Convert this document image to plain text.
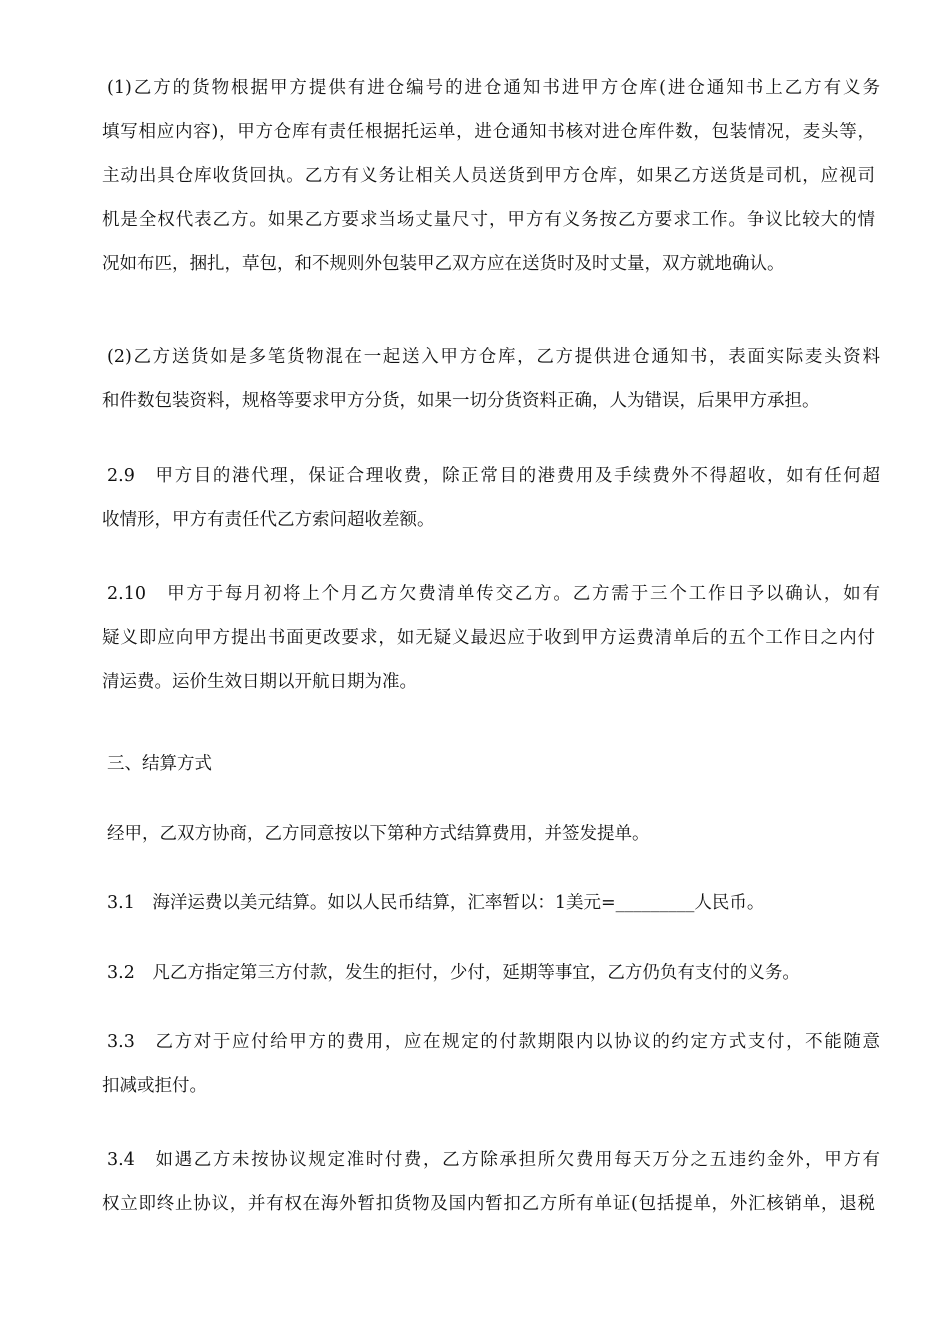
(1)乙方的货物根据甲方提供有进仓编号的进仓通知书进甲方仓库(进仓通知书上乙方有义务
填写相应内容)，甲方仓库有责任根据托运单，进仓通知书核对进仓库件数，包装情况，麦头等，
主动出具仓库收货回执。乙方有义务让相关人员送货到甲方仓库，如果乙方送货是司机，应视司
机是全权代表乙方。如果乙方要求当场丈量尺寸，甲方有义务按乙方要求工作。争议比较大的情
况如布匹，捆扎，草包，和不规则外包装甲乙双方应在送货时及时丈量，双方就地确认。
(2)乙方送货如是多笔货物混在一起送入甲方仓库，乙方提供进仓通知书，表面实际麦头资料
和件数包装资料，规格等要求甲方分货，如果一切分货资料正确，人为错误，后果甲方承担。
2.9　甲方目的港代理，保证合理收费，除正常目的港费用及手续费外不得超收，如有任何超
收情形，甲方有责任代乙方索问超收差额。
2.10　甲方于每月初将上个月乙方欠费清单传交乙方。乙方需于三个工作日予以确认，如有
疑义即应向甲方提出书面更改要求，如无疑义最迟应于收到甲方运费清单后的五个工作日之内付
清运费。运价生效日期以开航日期为准。
三、结算方式
经甲，乙双方协商，乙方同意按以下第种方式结算费用，并签发提单。
3.1　海洋运费以美元结算。如以人民币结算，汇率暂以：1美元=_________人民币。
3.2　凡乙方指定第三方付款，发生的拒付，少付，延期等事宜，乙方仍负有支付的义务。
3.3　乙方对于应付给甲方的费用，应在规定的付款期限内以协议的约定方式支付，不能随意
扣减或拒付。
3.4　如遇乙方未按协议规定准时付费，乙方除承担所欠费用每天万分之五违约金外，甲方有
权立即终止协议，并有权在海外暂扣货物及国内暂扣乙方所有单证(包括提单，外汇核销单，退税
